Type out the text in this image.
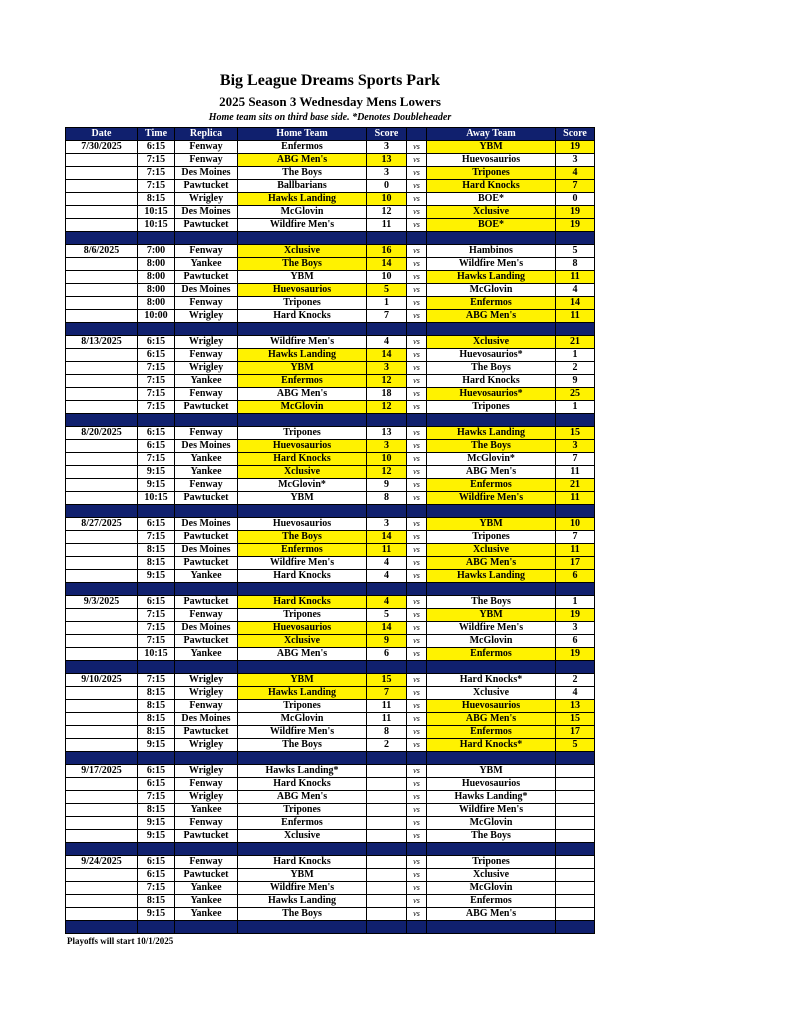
Big League Dreams Sports Park
2025 Season 3 Wednesday Mens Lowers
Home team sits on third base side. *Denotes Doubleheader
Date	Time	Replica	Home Team	Score		Away Team	Score
7/30/2025	6:15	Fenway	Enfermos	3	vs	YBM	19
	7:15	Fenway	ABG Men's	13	vs	Huevosaurios	3
	7:15	Des Moines	The Boys	3	vs	Tripones	4
	7:15	Pawtucket	Ballbarians	0	vs	Hard Knocks	7
	8:15	Wrigley	Hawks Landing	10	vs	BOE*	0
	10:15	Des Moines	McGlovin	12	vs	Xclusive	19
	10:15	Pawtucket	Wildfire Men's	11	vs	BOE*	19

8/6/2025	7:00	Fenway	Xclusive	16	vs	Hambinos	5
	8:00	Yankee	The Boys	14	vs	Wildfire Men's	8
	8:00	Pawtucket	YBM	10	vs	Hawks Landing	11
	8:00	Des Moines	Huevosaurios	5	vs	McGlovin	4
	8:00	Fenway	Tripones	1	vs	Enfermos	14
	10:00	Wrigley	Hard Knocks	7	vs	ABG Men's	11

8/13/2025	6:15	Wrigley	Wildfire Men's	4	vs	Xclusive	21
	6:15	Fenway	Hawks Landing	14	vs	Huevosaurios*	1
	7:15	Wrigley	YBM	3	vs	The Boys	2
	7:15	Yankee	Enfermos	12	vs	Hard Knocks	9
	7:15	Fenway	ABG Men's	18	vs	Huevosaurios*	25
	7:15	Pawtucket	McGlovin	12	vs	Tripones	1

8/20/2025	6:15	Fenway	Tripones	13	vs	Hawks Landing	15
	6:15	Des Moines	Huevosaurios	3	vs	The Boys	3
	7:15	Yankee	Hard Knocks	10	vs	McGlovin*	7
	9:15	Yankee	Xclusive	12	vs	ABG Men's	11
	9:15	Fenway	McGlovin*	9	vs	Enfermos	21
	10:15	Pawtucket	YBM	8	vs	Wildfire Men's	11

8/27/2025	6:15	Des Moines	Huevosaurios	3	vs	YBM	10
	7:15	Pawtucket	The Boys	14	vs	Tripones	7
	8:15	Des Moines	Enfermos	11	vs	Xclusive	11
	8:15	Pawtucket	Wildfire Men's	4	vs	ABG Men's	17
	9:15	Yankee	Hard Knocks	4	vs	Hawks Landing	6

9/3/2025	6:15	Pawtucket	Hard Knocks	4	vs	The Boys	1
	7:15	Fenway	Tripones	5	vs	YBM	19
	7:15	Des Moines	Huevosaurios	14	vs	Wildfire Men's	3
	7:15	Pawtucket	Xclusive	9	vs	McGlovin	6
	10:15	Yankee	ABG Men's	6	vs	Enfermos	19

9/10/2025	7:15	Wrigley	YBM	15	vs	Hard Knocks*	2
	8:15	Wrigley	Hawks Landing	7	vs	Xclusive	4
	8:15	Fenway	Tripones	11	vs	Huevosaurios	13
	8:15	Des Moines	McGlovin	11	vs	ABG Men's	15
	8:15	Pawtucket	Wildfire Men's	8	vs	Enfermos	17
	9:15	Wrigley	The Boys	2	vs	Hard Knocks*	5

9/17/2025	6:15	Wrigley	Hawks Landing*		vs	YBM	
	6:15	Fenway	Hard Knocks		vs	Huevosaurios	
	7:15	Wrigley	ABG Men's		vs	Hawks Landing*	
	8:15	Yankee	Tripones		vs	Wildfire Men's	
	9:15	Fenway	Enfermos		vs	McGlovin	
	9:15	Pawtucket	Xclusive		vs	The Boys	

9/24/2025	6:15	Fenway	Hard Knocks		vs	Tripones	
	6:15	Pawtucket	YBM		vs	Xclusive	
	7:15	Yankee	Wildfire Men's		vs	McGlovin	
	8:15	Yankee	Hawks Landing		vs	Enfermos	
	9:15	Yankee	The Boys		vs	ABG Men's	

Playoffs will start 10/1/2025
